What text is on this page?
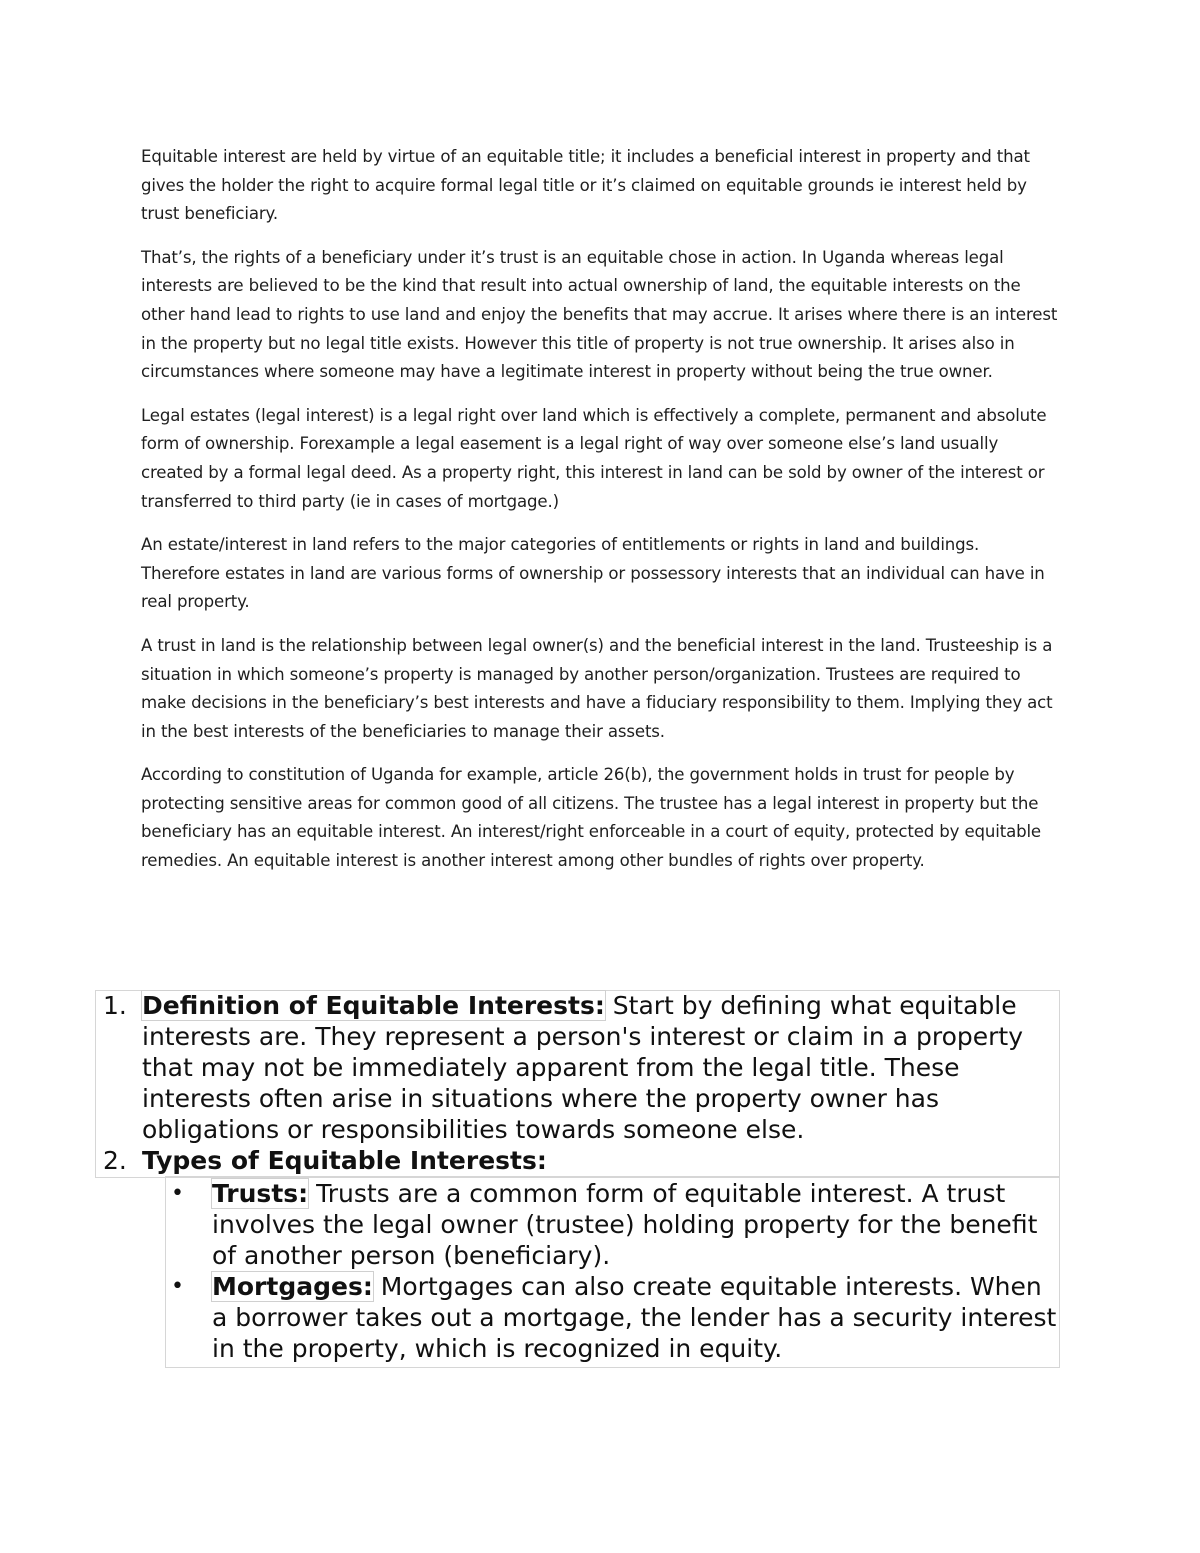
Equitable interest are held by virtue of an equitable title; it includes a beneficial interest in property and that gives the holder the right to acquire formal legal title or it’s claimed on equitable grounds ie interest held by trust beneficiary.

That’s, the rights of a beneficiary under it’s trust is an equitable chose in action. In Uganda whereas legal interests are believed to be the kind that result into actual ownership of land, the equitable interests on the other hand lead to rights to use land and enjoy the benefits that may accrue. It arises where there is an interest in the property but no legal title exists. However this title of property is not true ownership. It arises also in circumstances where someone may have a legitimate interest in property without being the true owner.

Legal estates (legal interest) is a legal right over land which is effectively a complete, permanent and absolute form of ownership. Forexample a legal easement is a legal right of way over someone else’s land usually created by a formal legal deed. As a property right, this interest in land can be sold by owner of the interest or transferred to third party (ie in cases of mortgage.)

An estate/interest in land refers to the major categories of entitlements or rights in land and buildings. Therefore estates in land are various forms of ownership or possessory interests that an individual can have in real property.

A trust in land is the relationship between legal owner(s) and the beneficial interest in the land. Trusteeship is a situation in which someone’s property is managed by another person/organization. Trustees are required to make decisions in the beneficiary’s best interests and have a fiduciary responsibility to them. Implying they act in the best interests of the beneficiaries to manage their assets.

According to constitution of Uganda for example, article 26(b), the government holds in trust for people by protecting sensitive areas for common good of all citizens. The trustee has a legal interest in property but the beneficiary has an equitable interest. An interest/right enforceable in a court of equity, protected by equitable remedies. An equitable interest is another interest among other bundles of rights over property.

1. Definition of Equitable Interests: Start by defining what equitable interests are. They represent a person's interest or claim in a property that may not be immediately apparent from the legal title. These interests often arise in situations where the property owner has obligations or responsibilities towards someone else.
2. Types of Equitable Interests:
• Trusts: Trusts are a common form of equitable interest. A trust involves the legal owner (trustee) holding property for the benefit of another person (beneficiary).
• Mortgages: Mortgages can also create equitable interests. When a borrower takes out a mortgage, the lender has a security interest in the property, which is recognized in equity.
